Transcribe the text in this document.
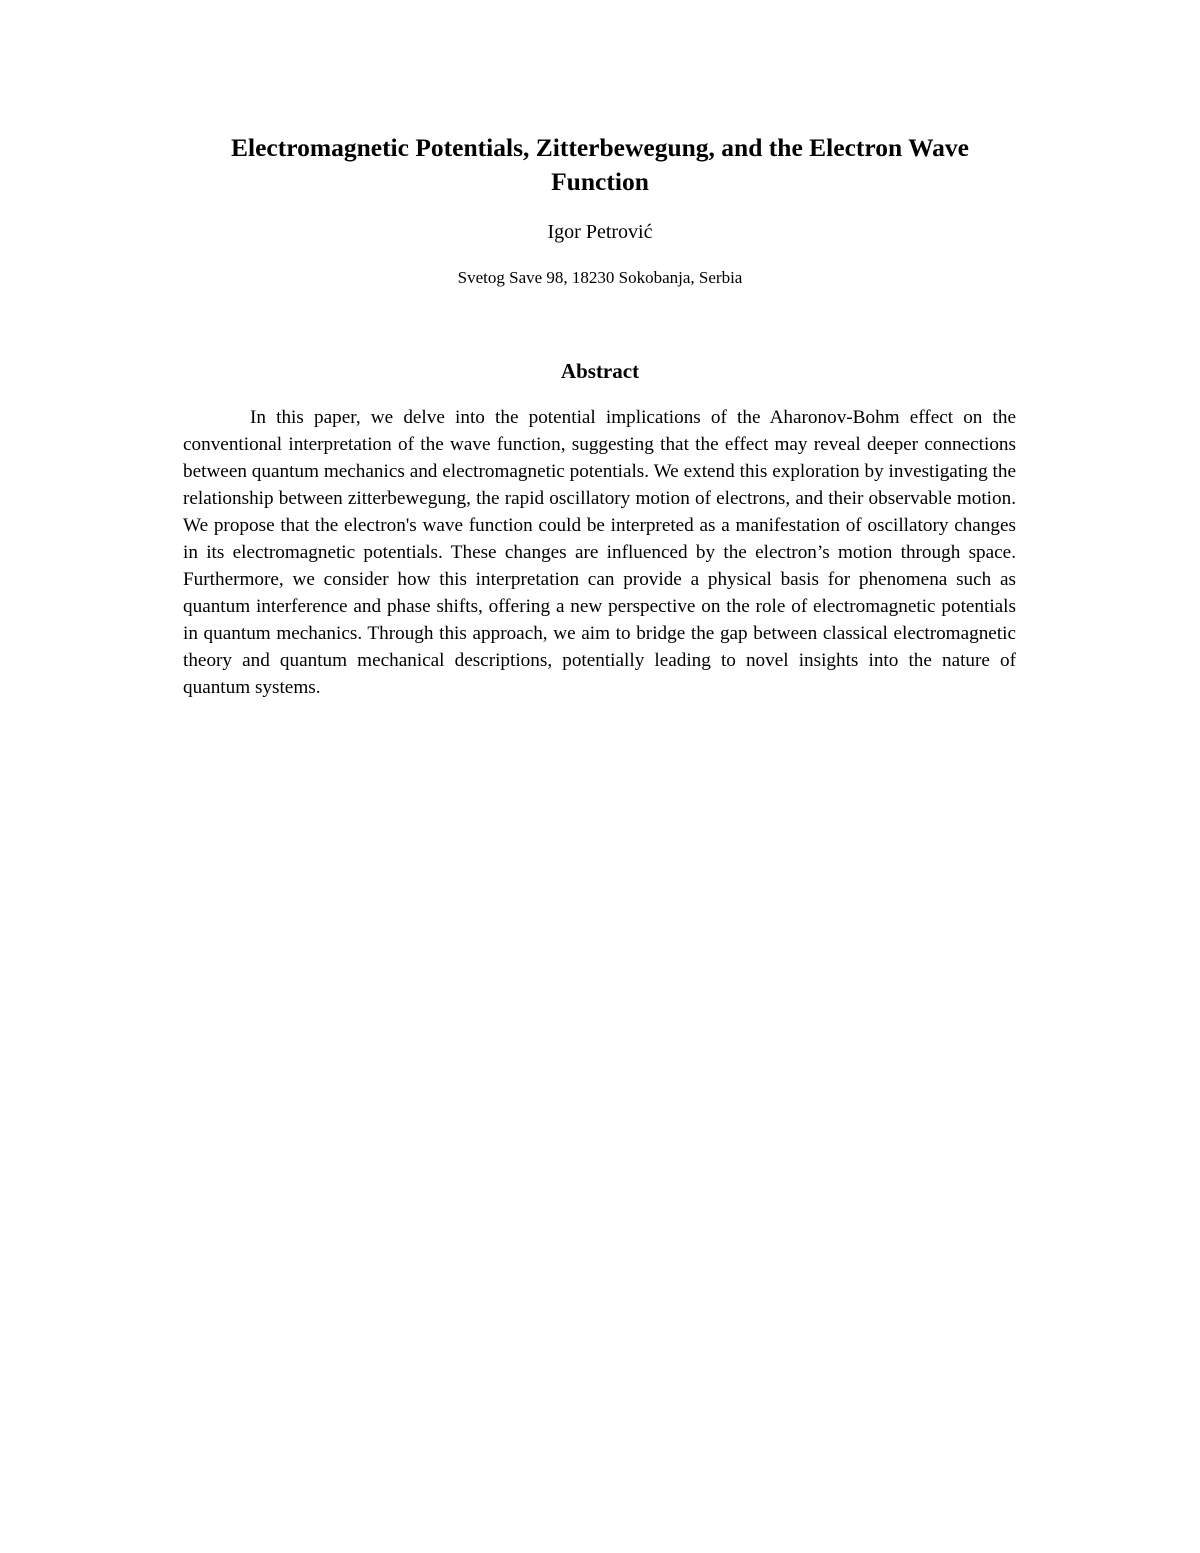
Electromagnetic Potentials, Zitterbewegung, and the Electron Wave Function
Igor Petrović
Svetog Save 98, 18230 Sokobanja, Serbia
Abstract

In this paper, we delve into the potential implications of the Aharonov-Bohm effect on the conventional interpretation of the wave function, suggesting that the effect may reveal deeper connections between quantum mechanics and electromagnetic potentials. We extend this exploration by investigating the relationship between zitterbewegung, the rapid oscillatory motion of electrons, and their observable motion. We propose that the electron's wave function could be interpreted as a manifestation of oscillatory changes in its electromagnetic potentials. These changes are influenced by the electron’s motion through space. Furthermore, we consider how this interpretation can provide a physical basis for phenomena such as quantum interference and phase shifts, offering a new perspective on the role of electromagnetic potentials in quantum mechanics. Through this approach, we aim to bridge the gap between classical electromagnetic theory and quantum mechanical descriptions, potentially leading to novel insights into the nature of quantum systems.
